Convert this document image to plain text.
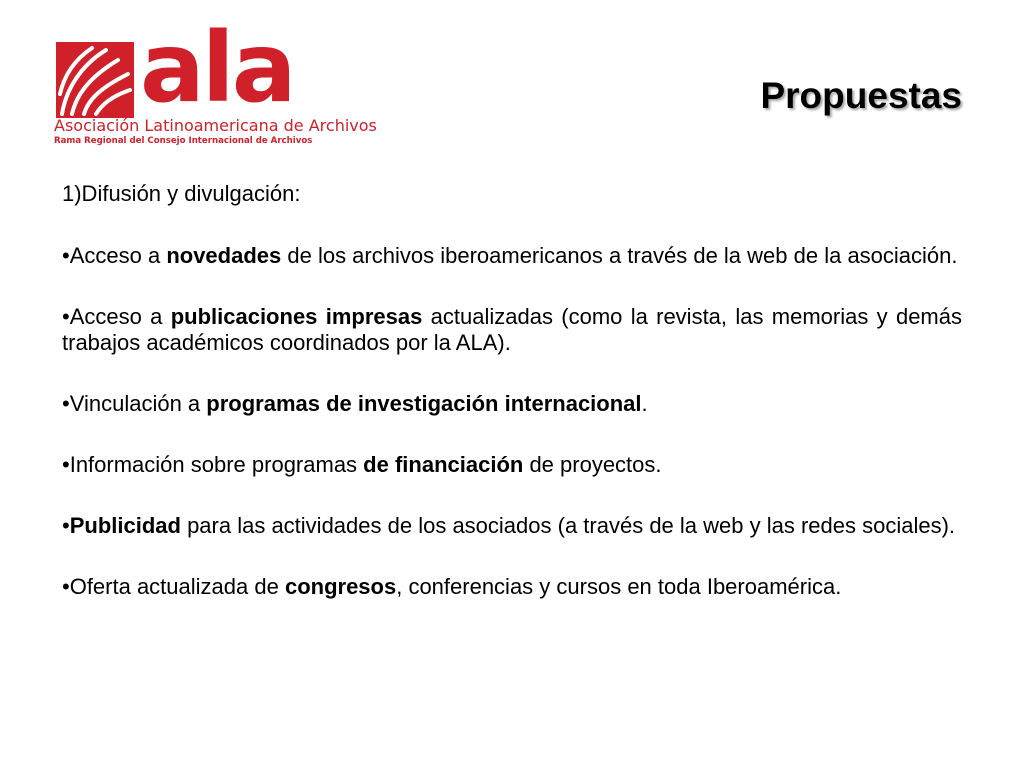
ala
Asociación Latinoamericana de Archivos
Rama Regional del Consejo Internacional de Archivos
Propuestas

1)Difusión y divulgación:

•Acceso a novedades de los archivos iberoamericanos a través de la web de la asociación.

•Acceso a publicaciones impresas actualizadas (como la revista, las memorias y demás trabajos académicos coordinados por la ALA).

•Vinculación a programas de investigación internacional.

•Información sobre programas de financiación de proyectos.

•Publicidad para las actividades de los asociados (a través de la web y las redes sociales).

•Oferta actualizada de congresos, conferencias y cursos en toda Iberoamérica.
